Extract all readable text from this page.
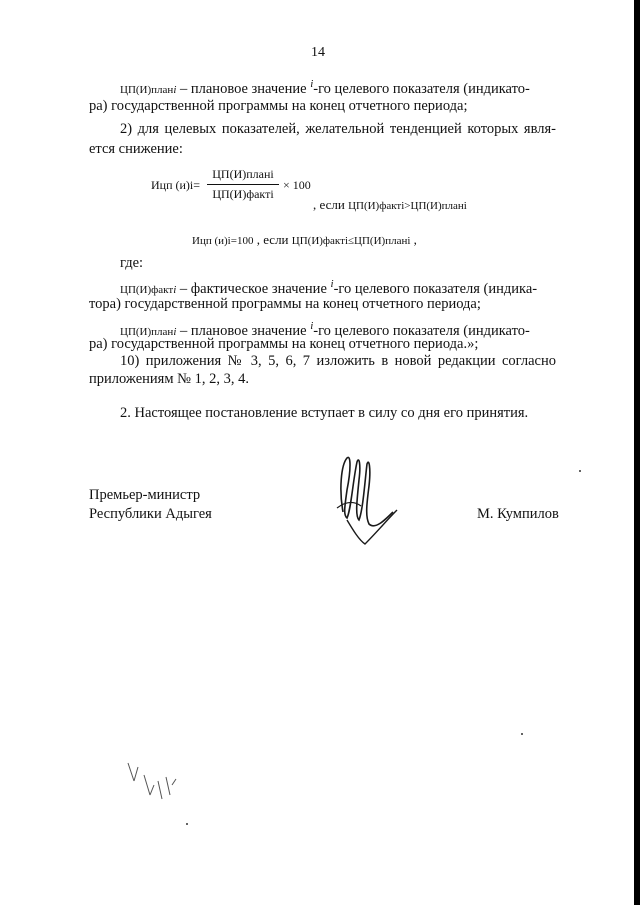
14
ЦП(И)планi – плановое значение $^i$-го целевого показателя (индикато-
ра) государственной программы на конец отчетного периода;
2) для целевых показателей, желательной тенденцией которых явля-
ется снижение:
Ицп (и)i=
ЦП(И)планi
ЦП(И)фактi
× 100
, если ЦП(И)фактi>ЦП(И)планi
Ицп (и)i=100 , если ЦП(И)фактi≤ЦП(И)планi ,
где:
ЦП(И)фактi – фактическое значение $^i$-го целевого показателя (индика-
тора) государственной программы на конец отчетного периода;
ЦП(И)планi – плановое значение $^i$-го целевого показателя (индикато-
ра) государственной программы на конец отчетного периода.»;
10) приложения № 3, 5, 6, 7 изложить в новой редакции согласно
приложениям № 1, 2, 3, 4.
2. Настоящее постановление вступает в силу со дня его принятия.
Премьер-министр
Республики Адыгея	М. Кумпилов
